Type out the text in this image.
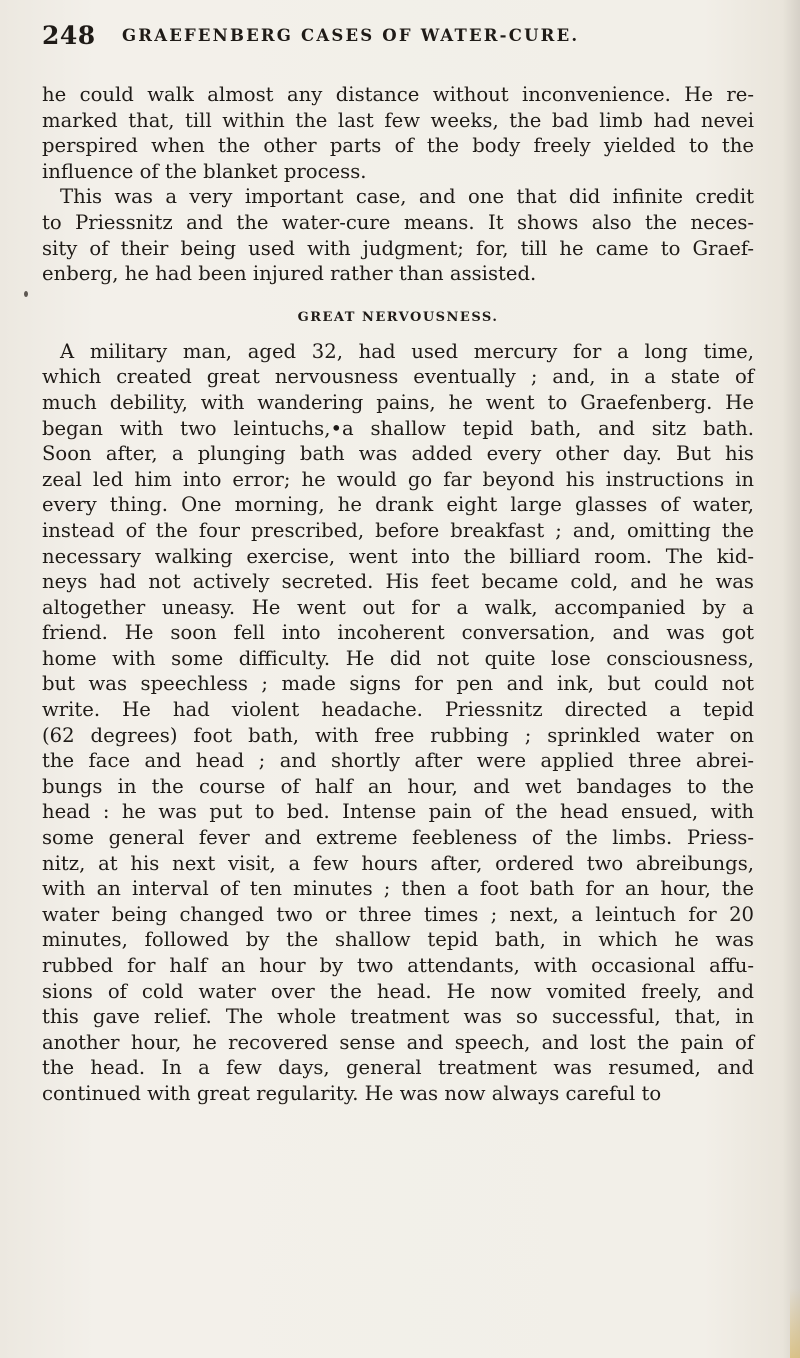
248 GRAEFENBERG CASES OF WATER-CURE.
he could walk almost any distance without inconvenience. He re-
marked that, till within the last few weeks, the bad limb had nevei
perspired when the other parts of the body freely yielded to the
influence of the blanket process.
This was a very important case, and one that did infinite credit
to Priessnitz and the water-cure means. It shows also the neces-
sity of their being used with judgment; for, till he came to Graef-
enberg, he had been injured rather than assisted.
GREAT NERVOUSNESS.
A military man, aged 32, had used mercury for a long time,
which created great nervousness eventually ; and, in a state of
much debility, with wandering pains, he went to Graefenberg. He
began with two leintuchs,•a shallow tepid bath, and sitz bath.
Soon after, a plunging bath was added every other day. But his
zeal led him into error; he would go far beyond his instructions in
every thing. One morning, he drank eight large glasses of water,
instead of the four prescribed, before breakfast ; and, omitting the
necessary walking exercise, went into the billiard room. The kid-
neys had not actively secreted. His feet became cold, and he was
altogether uneasy. He went out for a walk, accompanied by a
friend. He soon fell into incoherent conversation, and was got
home with some difficulty. He did not quite lose consciousness,
but was speechless ; made signs for pen and ink, but could not
write. He had violent headache. Priessnitz directed a tepid
(62 degrees) foot bath, with free rubbing ; sprinkled water on
the face and head ; and shortly after were applied three abrei-
bungs in the course of half an hour, and wet bandages to the
head : he was put to bed. Intense pain of the head ensued, with
some general fever and extreme feebleness of the limbs. Priess-
nitz, at his next visit, a few hours after, ordered two abreibungs,
with an interval of ten minutes ; then a foot bath for an hour, the
water being changed two or three times ; next, a leintuch for 20
minutes, followed by the shallow tepid bath, in which he was
rubbed for half an hour by two attendants, with occasional affu-
sions of cold water over the head. He now vomited freely, and
this gave relief. The whole treatment was so successful, that, in
another hour, he recovered sense and speech, and lost the pain of
the head. In a few days, general treatment was resumed, and
continued with great regularity. He was now always careful to
